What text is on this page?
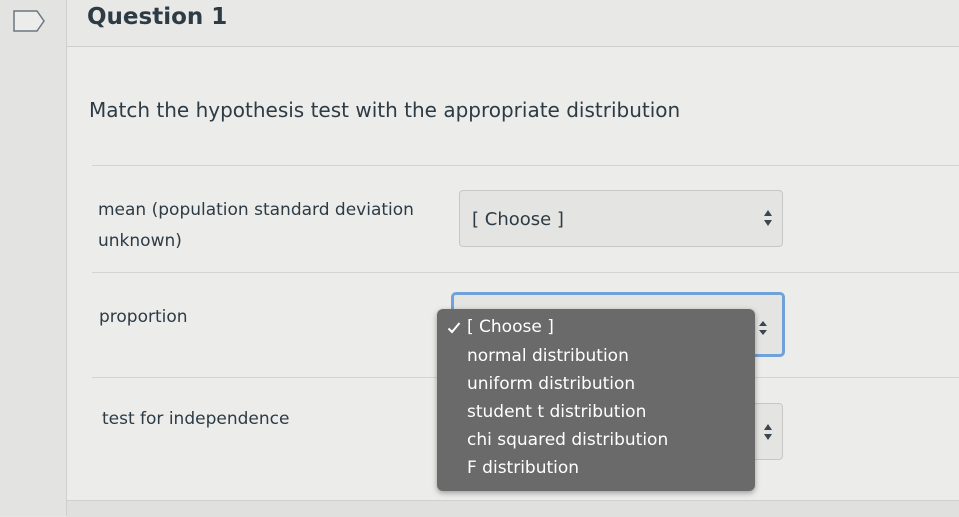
Question 1
Match the hypothesis test with the appropriate distribution
mean (population standard deviation
unknown)
[ Choose ]
proportion
test for independence
[ Choose ]
normal distribution
uniform distribution
student t distribution
chi squared distribution
F distribution
